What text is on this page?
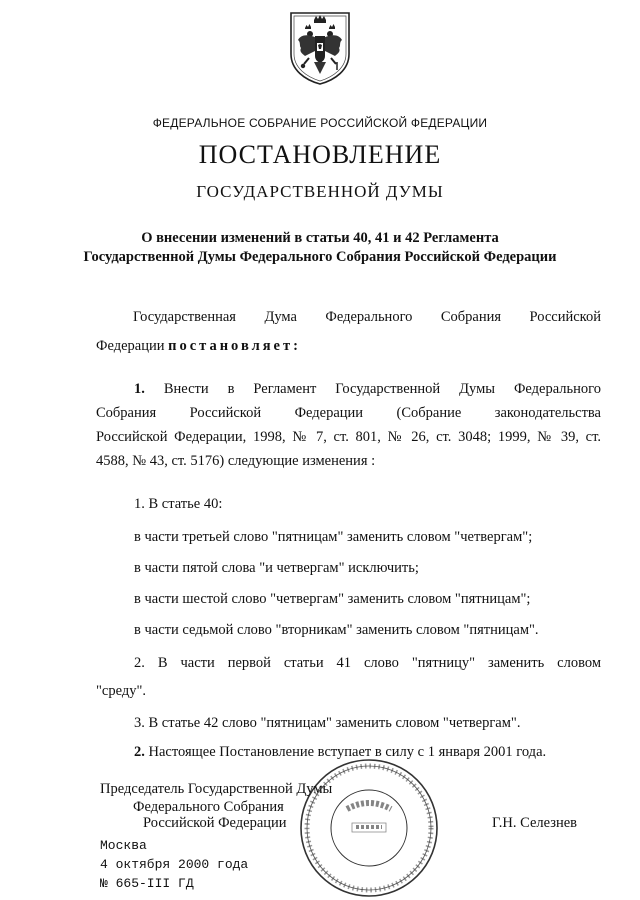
ФЕДЕРАЛЬНОЕ СОБРАНИЕ РОССИЙСКОЙ ФЕДЕРАЦИИ
ПОСТАНОВЛЕНИЕ
ГОСУДАРСТВЕННОЙ ДУМЫ
О внесении изменений в статьи 40, 41 и 42 Регламента
Государственной Думы Федерального Собрания Российской Федерации
Государственная Дума Федерального Собрания Российской
Федерации постановляет:
1. Внести в Регламент Государственной Думы Федерального
Собрания Российской Федерации (Собрание законодательства
Российской Федерации, 1998, № 7, ст. 801, № 26, ст. 3048; 1999, № 39, ст.
4588, № 43, ст. 5176) следующие изменения :
1. В статье 40:
в части третьей слово "пятницам" заменить словом "четвергам";
в части пятой слова "и четвергам" исключить;
в части шестой слово "четвергам" заменить словом "пятницам";
в части седьмой слово "вторникам" заменить словом "пятницам".
2. В части первой статьи 41 слово "пятницу" заменить словом
"среду".
3. В статье 42 слово "пятницам" заменить словом "четвергам".
2. Настоящее Постановление вступает в силу с 1 января 2001 года.
Председатель Государственной Думы
Федерального Собрания
Российской Федерации	Г.Н. Селезнев
Москва
4 октября 2000 года
№ 665-III ГД
